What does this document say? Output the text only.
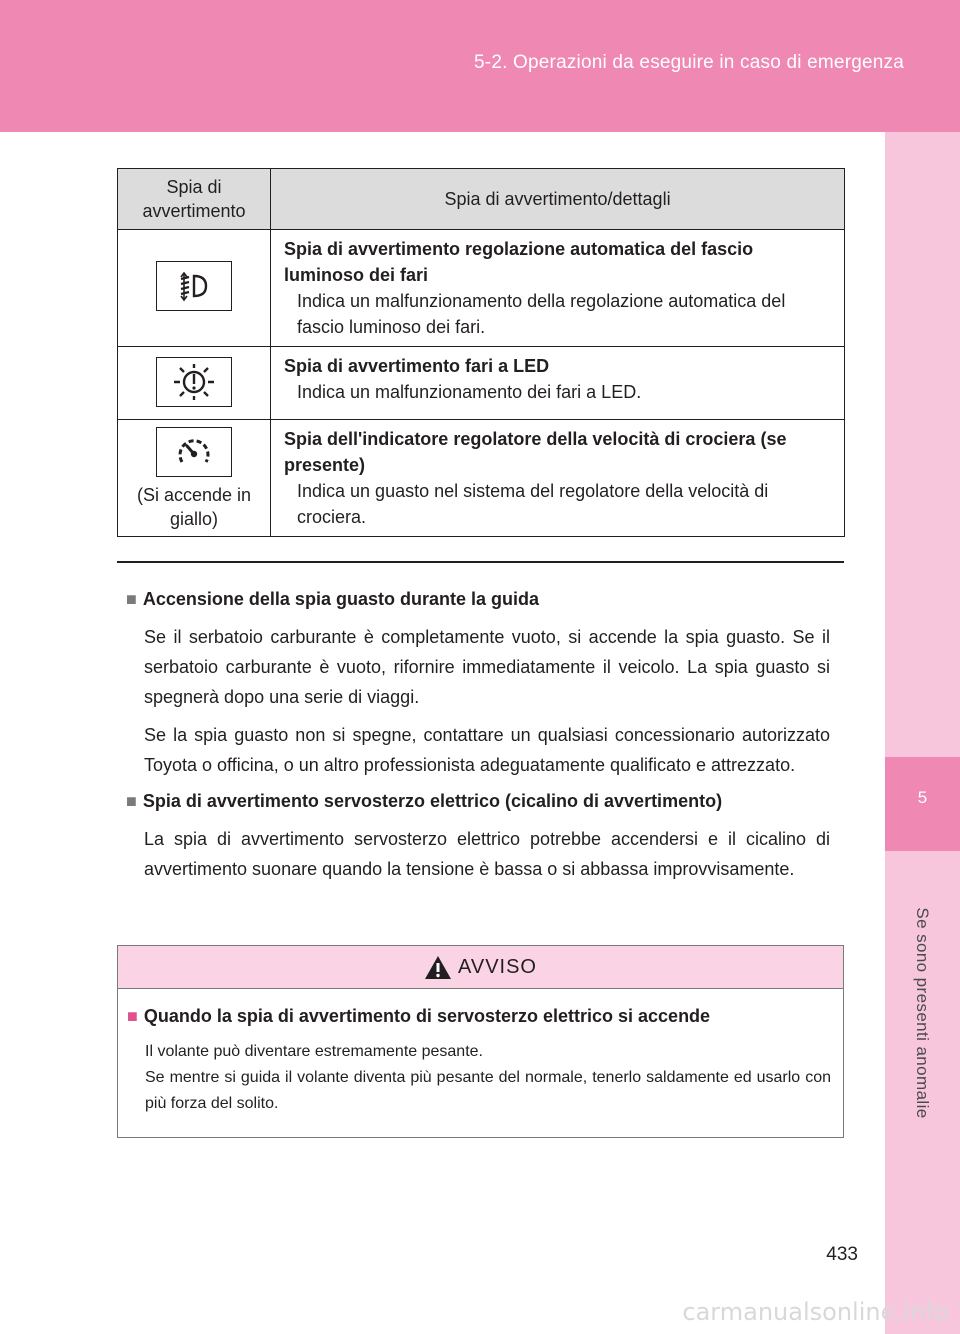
5-2. Operazioni da eseguire in caso di emergenza
5
Se sono presenti anomalie
Spia di avvertimento	Spia di avvertimento/dettagli

Spia di avvertimento regolazione automatica del fascio luminoso dei fari
Indica un malfunzionamento della regolazione automatica del fascio luminoso dei fari.

Spia di avvertimento fari a LED
Indica un malfunzionamento dei fari a LED.

(Si accende in giallo)	Spia dell'indicatore regolatore della velocità di crociera (se presente)
Indica un guasto nel sistema del regolatore della velocità di crociera.
■ Accensione della spia guasto durante la guida

Se il serbatoio carburante è completamente vuoto, si accende la spia guasto. Se il serbatoio carburante è vuoto, rifornire immediatamente il veicolo. La spia guasto si spegnerà dopo una serie di viaggi.

Se la spia guasto non si spegne, contattare un qualsiasi concessionario autorizzato Toyota o officina, o un altro professionista adeguatamente qualificato e attrezzato.

■ Spia di avvertimento servosterzo elettrico (cicalino di avvertimento)

La spia di avvertimento servosterzo elettrico potrebbe accendersi e il cicalino di avvertimento suonare quando la tensione è bassa o si abbassa improvvisamente.

AVVISO
■ Quando la spia di avvertimento di servosterzo elettrico si accende

Il volante può diventare estremamente pesante.

Se mentre si guida il volante diventa più pesante del normale, tenerlo saldamente ed usarlo con più forza del solito.

433
carmanualsonline.info
